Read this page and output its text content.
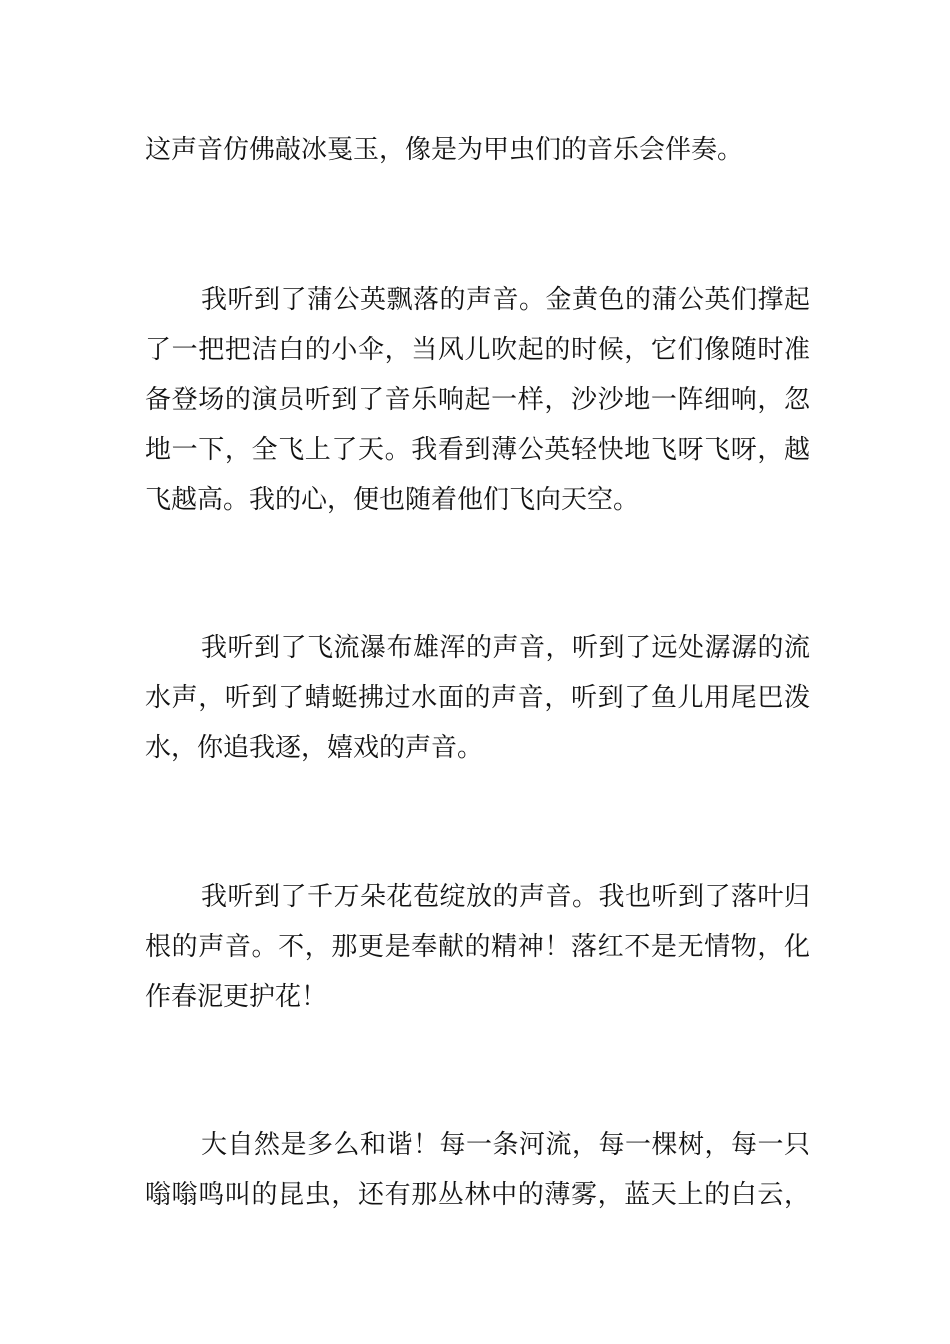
这声音仿佛敲冰戛玉，像是为甲虫们的音乐会伴奏。

我听到了蒲公英飘落的声音。金黄色的蒲公英们撑起

了一把把洁白的小伞，当风儿吹起的时候，它们像随时准

备登场的演员听到了音乐响起一样，沙沙地一阵细响，忽

地一下，全飞上了天。我看到薄公英轻快地飞呀飞呀，越

飞越高。我的心，便也随着他们飞向天空。

我听到了飞流瀑布雄浑的声音，听到了远处潺潺的流

水声，听到了蜻蜓拂过水面的声音，听到了鱼儿用尾巴泼

水，你追我逐，嬉戏的声音。

我听到了千万朵花苞绽放的声音。我也听到了落叶归

根的声音。不，那更是奉献的精神！落红不是无情物，化

作春泥更护花！

大自然是多么和谐！每一条河流，每一棵树，每一只

嗡嗡鸣叫的昆虫，还有那丛林中的薄雾，蓝天上的白云，
